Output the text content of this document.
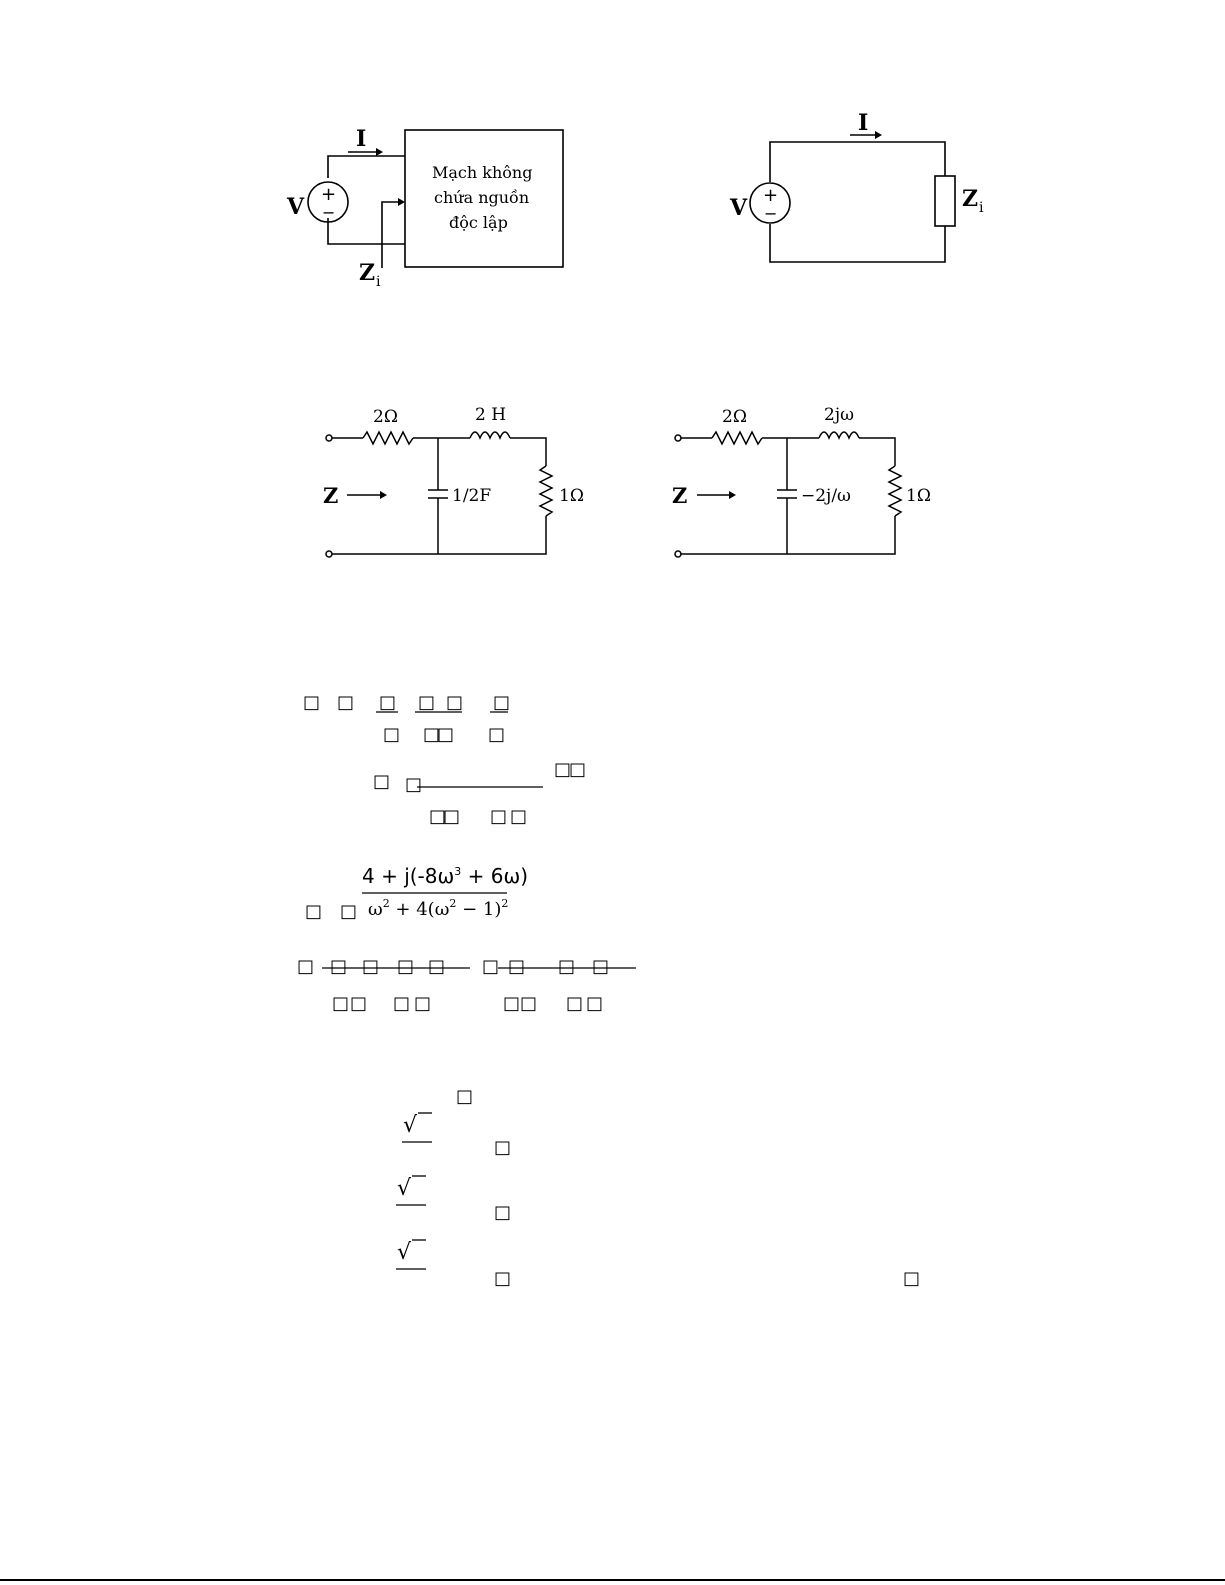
I
V +
−
Z i
Mạch không
chứa nguồn
độc lập
I
V +
−
Z i
2Ω	2 H
1/2F	1Ω
Z
2Ω	2jω
−2j/ω	1Ω
Z
□ □ □ □ □ □
□ □
□ □
□ □
□
□
□
□ □ □
□ □
□ □ □ □ □ □ □ □ □
□ □ □ □	□ □ □ □
□
□
□
□	□
$4 + j(-8\omega^3 + 6\omega)$
$\omega^2 + 4(\omega^2 - 1)^2$
√
√
√
